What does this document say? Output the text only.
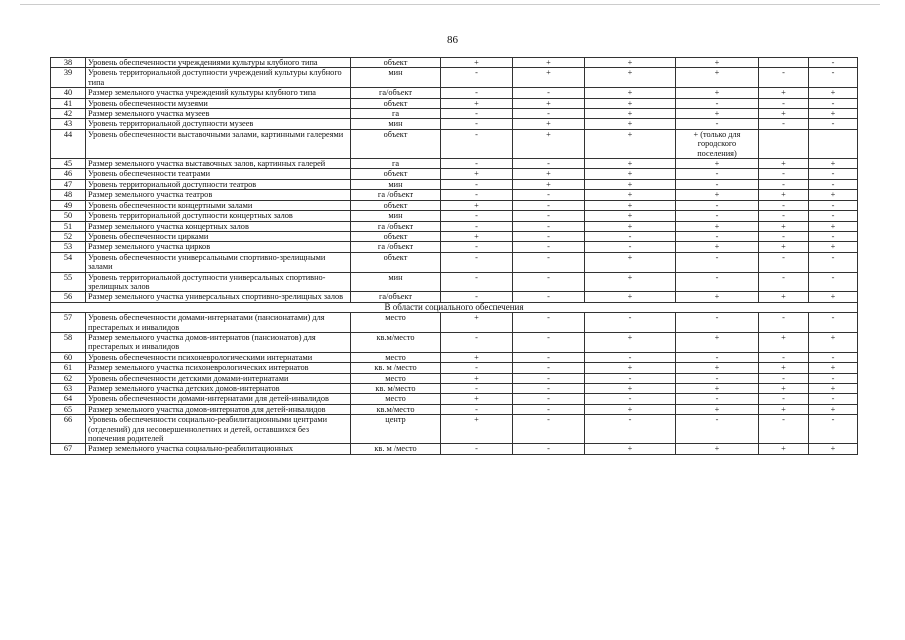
86
38	Уровень обеспеченности учреждениями культуры клубного типа	объект	+	+	+	+		-
39	Уровень территориальной доступности учреждений культуры клубного типа	мин	-	+	+	+	-	-
40	Размер земельного участка учреждений культуры клубного типа	га/объект	-	-	+	+	+	+
41	Уровень обеспеченности музеями	объект	+	+	+	-	-	-
42	Размер земельного участка музеев	га	-	-	+	+	+	+
43	Уровень территориальной доступности музеев	мин	-	+	+	-	-	-
44	Уровень обеспеченности выставочными залами, картинными галереями	объект	-	+	+	+ (только для городского поселения)		
45	Размер земельного участка выставочных залов, картинных галерей	га	-	-	+	+	+	+
46	Уровень обеспеченности театрами	объект	+	+	+	-	-	-
47	Уровень территориальной доступности театров	мин	-	+	+	-	-	-
48	Размер земельного участка театров	га /объект	-	-	+	+	+	+
49	Уровень обеспеченности концертными залами	объект	+	-	+	-	-	-
50	Уровень территориальной доступности концертных залов	мин	-	-	+	-	-	-
51	Размер земельного участка концертных залов	га /объект	-	-	+	+	+	+
52	Уровень обеспеченности цирками	объект	+	-	-	-	-	-
53	Размер земельного участка цирков	га /объект	-	-	-	+	+	+
54	Уровень обеспеченности универсальными спортивно-зрелищными залами	объект	-	-	+	-	-	-
55	Уровень территориальной доступности универсальных спортивно-зрелищных залов	мин	-	-	+	-	-	-
56	Размер земельного участка универсальных спортивно-зрелищных залов	га/объект	-	-	+	+	+	+
В области социального обеспечения								
57	Уровень обеспеченности домами-интернатами (пансионатами) для престарелых и инвалидов	место	+	-	-	-	-	-
58	Размер земельного участка домов-интернатов (пансионатов) для престарелых и инвалидов	кв.м/место	-	-	+	+	+	+
60	Уровень обеспеченности психоневрологическими интернатами	место	+	-	-	-	-	-
61	Размер земельного участка психоневрологических интернатов	кв. м /место	-	-	+	+	+	+
62	Уровень обеспеченности детскими домами-интернатами	место	+	-	-	-	-	-
63	Размер земельного участка детских домов-интернатов	кв. м/место	-	-	+	+	+	+
64	Уровень обеспеченности домами-интернатами для детей-инвалидов	место	+	-	-	-	-	-
65	Размер земельного участка домов-интернатов для детей-инвалидов	кв.м/место	-	-	+	+	+	+
66	Уровень обеспеченности социально-реабилитационными центрами (отделений) для несовершеннолетних и детей, оставшихся без попечения родителей	центр	+	-	-	-	-	-
67	Размер земельного участка социально-реабилитационных	кв. м /место	-	-	+	+	+	+
